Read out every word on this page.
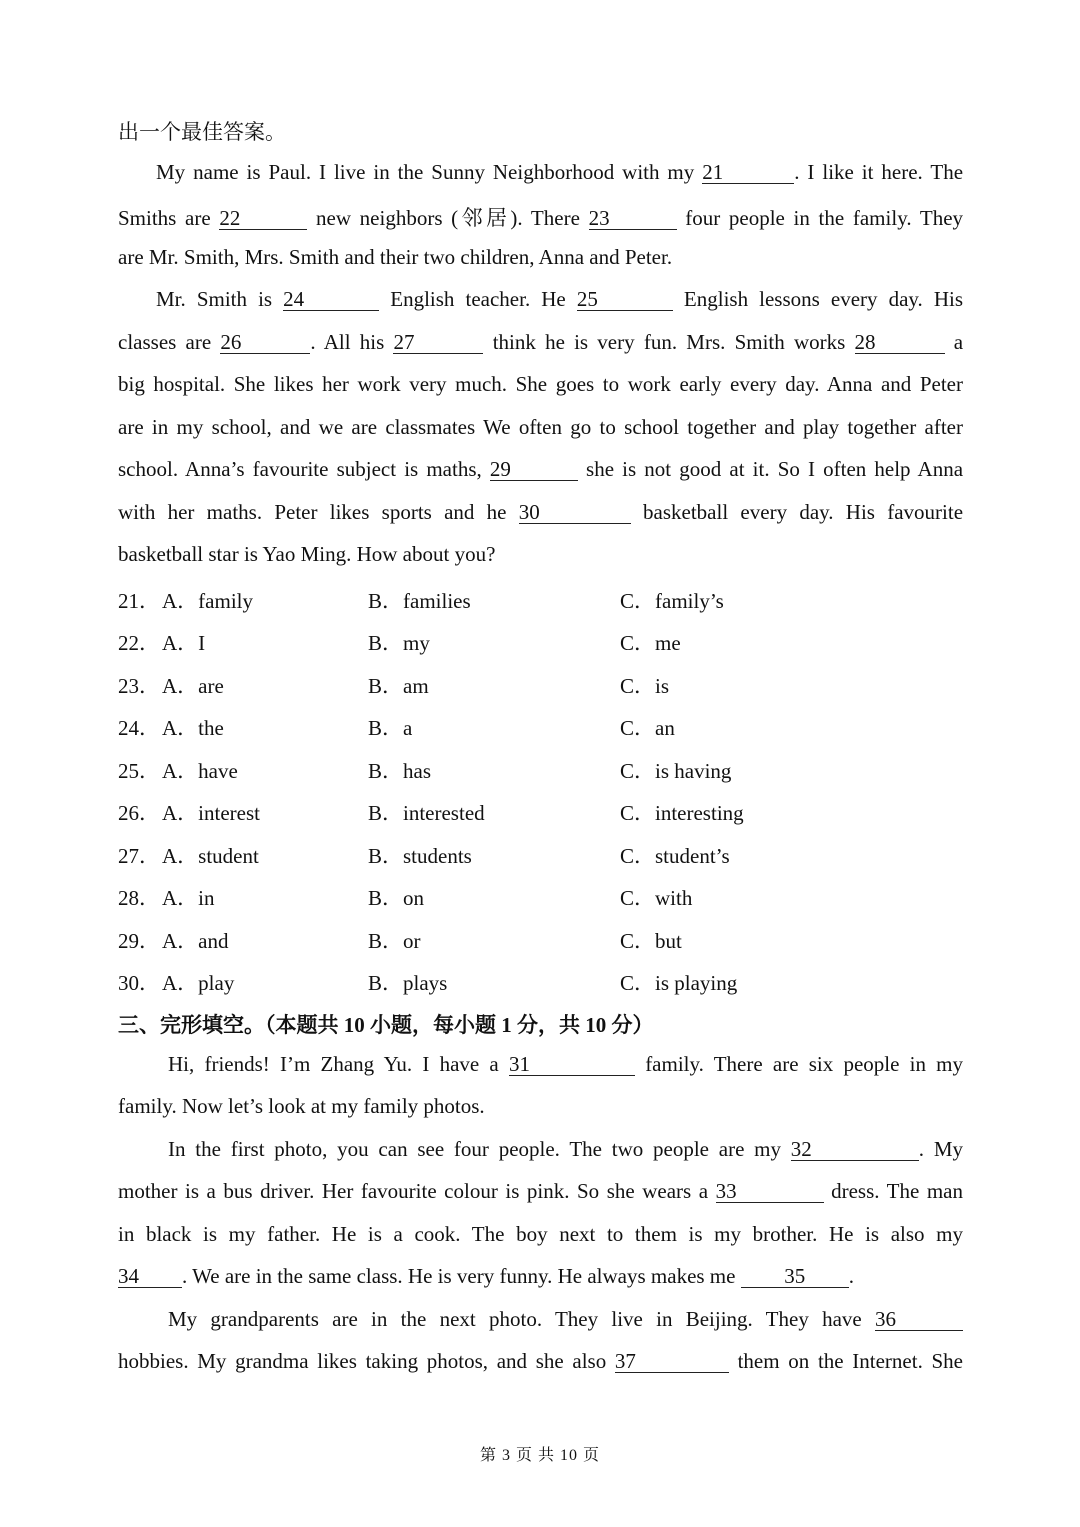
出一个最佳答案。
My name is Paul. I live in the Sunny Neighborhood with my 21	. I like it here. The
Smiths are 22	new neighbors (邻居). There 23	four people in the family. They
are Mr. Smith, Mrs. Smith and their two children, Anna and Peter.
Mr. Smith is 24	English teacher. He 25	English lessons every day. His
classes are 26	. All his 27	think he is very fun. Mrs. Smith works 28	a
big hospital. She likes her work very much. She goes to work early every day. Anna and Peter
are in my school, and we are classmates We often go to school together and play together after
school. Anna’s favourite subject is maths, 29	she is not good at it. So I often help Anna
with her maths. Peter likes sports and he 30	basketball every day. His favourite
basketball star is Yao Ming. How about you?
21． A．family	B．families	C．family’s
22． A．I	B．my	C．me
23． A．are	B．am	C．is
24． A．the	B．a	C．an
25． A．have	B．has	C．is having
26． A．interest	B．interested	C．interesting
27． A．student	B．students	C．student’s
28． A．in	B．on	C．with
29． A．and	B．or	C．but
30． A．play	B．plays	C．is playing
三、完形填空。（本题共 10 小题，每小题 1 分，共 10 分）
Hi, friends! I’m Zhang Yu. I have a 31	family. There are six people in my
family. Now let’s look at my family photos.
In the first photo, you can see four people. The two people are my 32	. My
mother is a bus driver. Her favourite colour is pink. So she wears a 33	dress. The man
in black is my father. He is a cook. The boy next to them is my brother. He is also my
34 . We are in the same class. He is very funny. He always makes me 35 .
My grandparents are in the next photo. They live in Beijing. They have 36
hobbies. My grandma likes taking photos, and she also 37	them on the Internet. She
第 3 页 共 10 页
